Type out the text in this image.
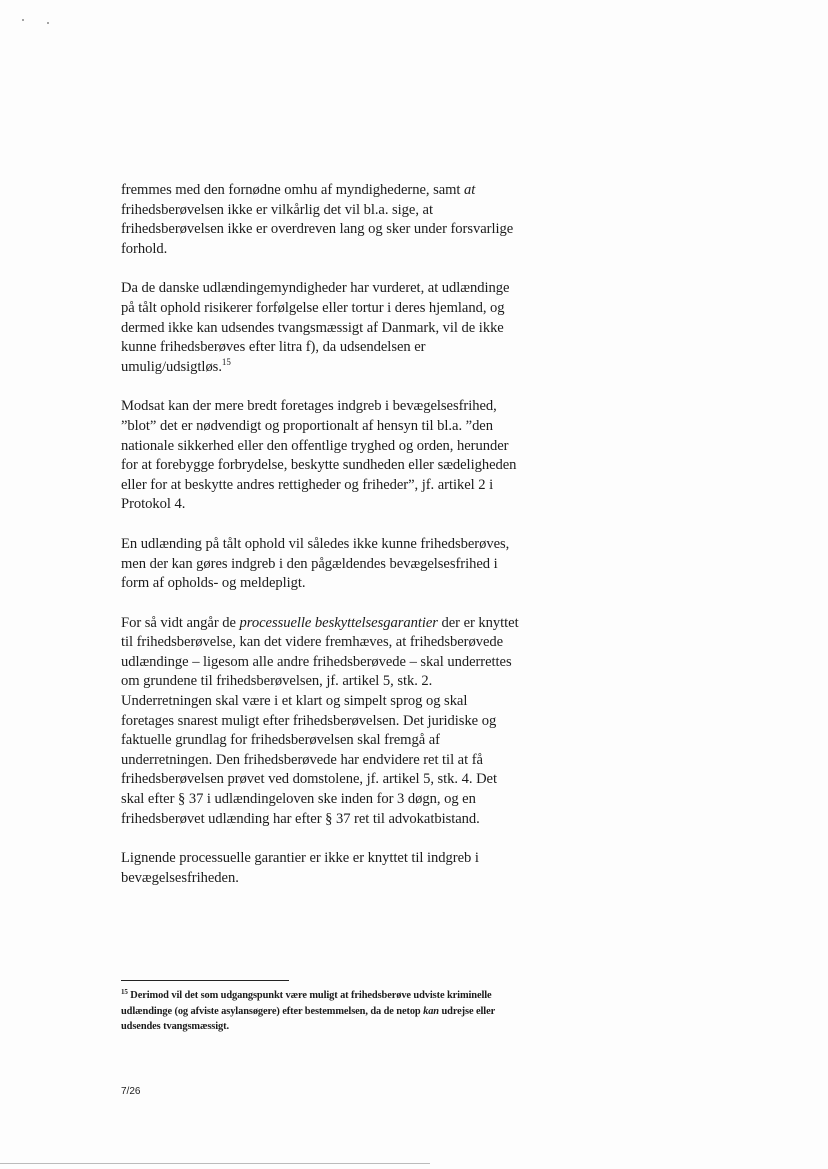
fremmes med den fornødne omhu af myndighederne, samt at
frihedsberøvelsen ikke er vilkårlig det vil bl.a. sige, at
frihedsberøvelsen ikke er overdreven lang og sker under forsvarlige
forhold.

Da de danske udlændingemyndigheder har vurderet, at udlændinge
på tålt ophold risikerer forfølgelse eller tortur i deres hjemland, og
dermed ikke kan udsendes tvangsmæssigt af Danmark, vil de ikke
kunne frihedsberøves efter litra f), da udsendelsen er
umulig/udsigtløs.$^{15}$

Modsat kan der mere bredt foretages indgreb i bevægelsesfrihed,
”blot” det er nødvendigt og proportionalt af hensyn til bl.a. ”den
nationale sikkerhed eller den offentlige tryghed og orden, herunder
for at forebygge forbrydelse, beskytte sundheden eller sædeligheden
eller for at beskytte andres rettigheder og friheder”, jf. artikel 2 i
Protokol 4.

En udlænding på tålt ophold vil således ikke kunne frihedsberøves,
men der kan gøres indgreb i den pågældendes bevægelsesfrihed i
form af opholds- og meldepligt.

For så vidt angår de processuelle beskyttelsesgarantier der er knyttet
til frihedsberøvelse, kan det videre fremhæves, at frihedsberøvede
udlændinge – ligesom alle andre frihedsberøvede – skal underrettes
om grundene til frihedsberøvelsen, jf. artikel 5, stk. 2.
Underretningen skal være i et klart og simpelt sprog og skal
foretages snarest muligt efter frihedsberøvelsen. Det juridiske og
faktuelle grundlag for frihedsberøvelsen skal fremgå af
underretningen. Den frihedsberøvede har endvidere ret til at få
frihedsberøvelsen prøvet ved domstolene, jf. artikel 5, stk. 4. Det
skal efter § 37 i udlændingeloven ske inden for 3 døgn, og en
frihedsberøvet udlænding har efter § 37 ret til advokatbistand.

Lignende processuelle garantier er ikke er knyttet til indgreb i
bevægelsesfriheden.

$^{15}$ Derimod vil det som udgangspunkt være muligt at frihedsberøve udviste kriminelle
udlændinge (og afviste asylansøgere) efter bestemmelsen, da de netop kan udrejse eller
udsendes tvangsmæssigt.
7/26
